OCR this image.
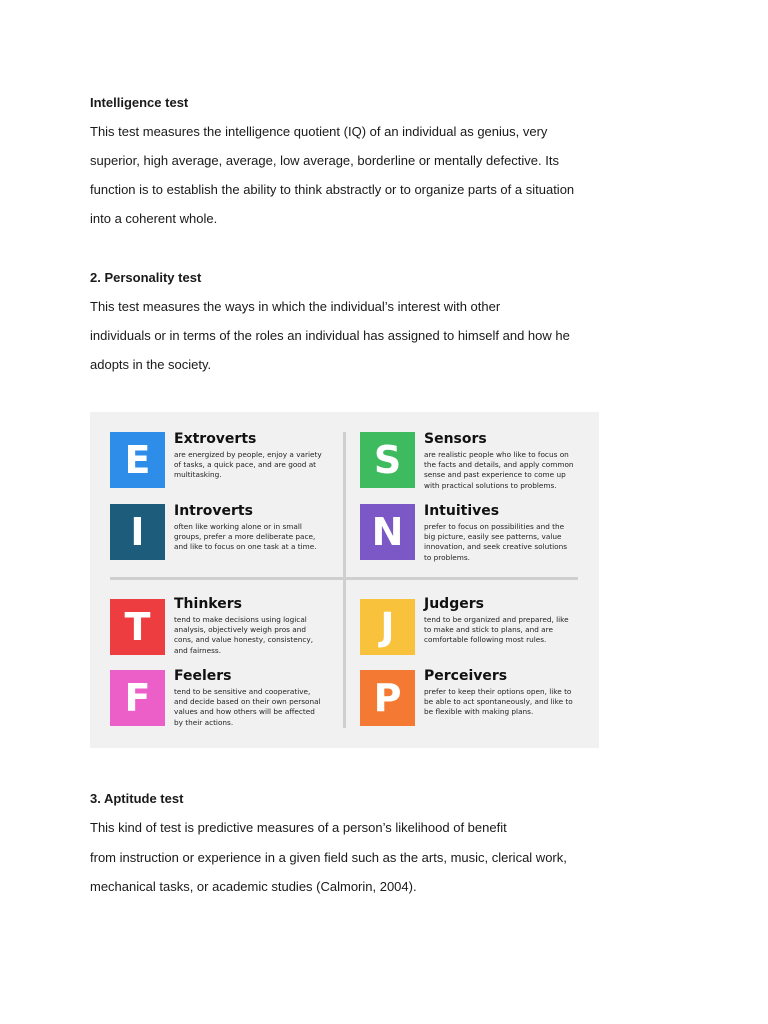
Intelligence test
This test measures the intelligence quotient (IQ) of an individual as genius, very
superior, high average, average, low average, borderline or mentally defective. Its
function is to establish the ability to think abstractly or to organize parts of a situation
into a coherent whole.
2. Personality test
This test measures the ways in which the individual’s interest with other
individuals or in terms of the roles an individual has assigned to himself and how he
adopts in the society.
E	Extroverts
are energized by people, enjoy a variety of tasks, a quick pace, and are good at multitasking.
I	Introverts
often like working alone or in small groups, prefer a more deliberate pace, and like to focus on one task at a time.
S	Sensors
are realistic people who like to focus on the facts and details, and apply common sense and past experience to come up with practical solutions to problems.
N	Intuitives
prefer to focus on possibilities and the big picture, easily see patterns, value innovation, and seek creative solutions to problems.
T
Thinkers
tend to make decisions using logical analysis, objectively weigh pros and cons, and value honesty, consistency, and fairness.
F	Feelers
tend to be sensitive and cooperative, and decide based on their own personal values and how others will be affected by their actions.
J
Judgers
tend to be organized and prepared, like to make and stick to plans, and are comfortable following most rules.
P	Perceivers
prefer to keep their options open, like to be able to act spontaneously, and like to be flexible with making plans.
3. Aptitude test
This kind of test is predictive measures of a person’s likelihood of benefit
from instruction or experience in a given field such as the arts, music, clerical work,
mechanical tasks, or academic studies (Calmorin, 2004).
